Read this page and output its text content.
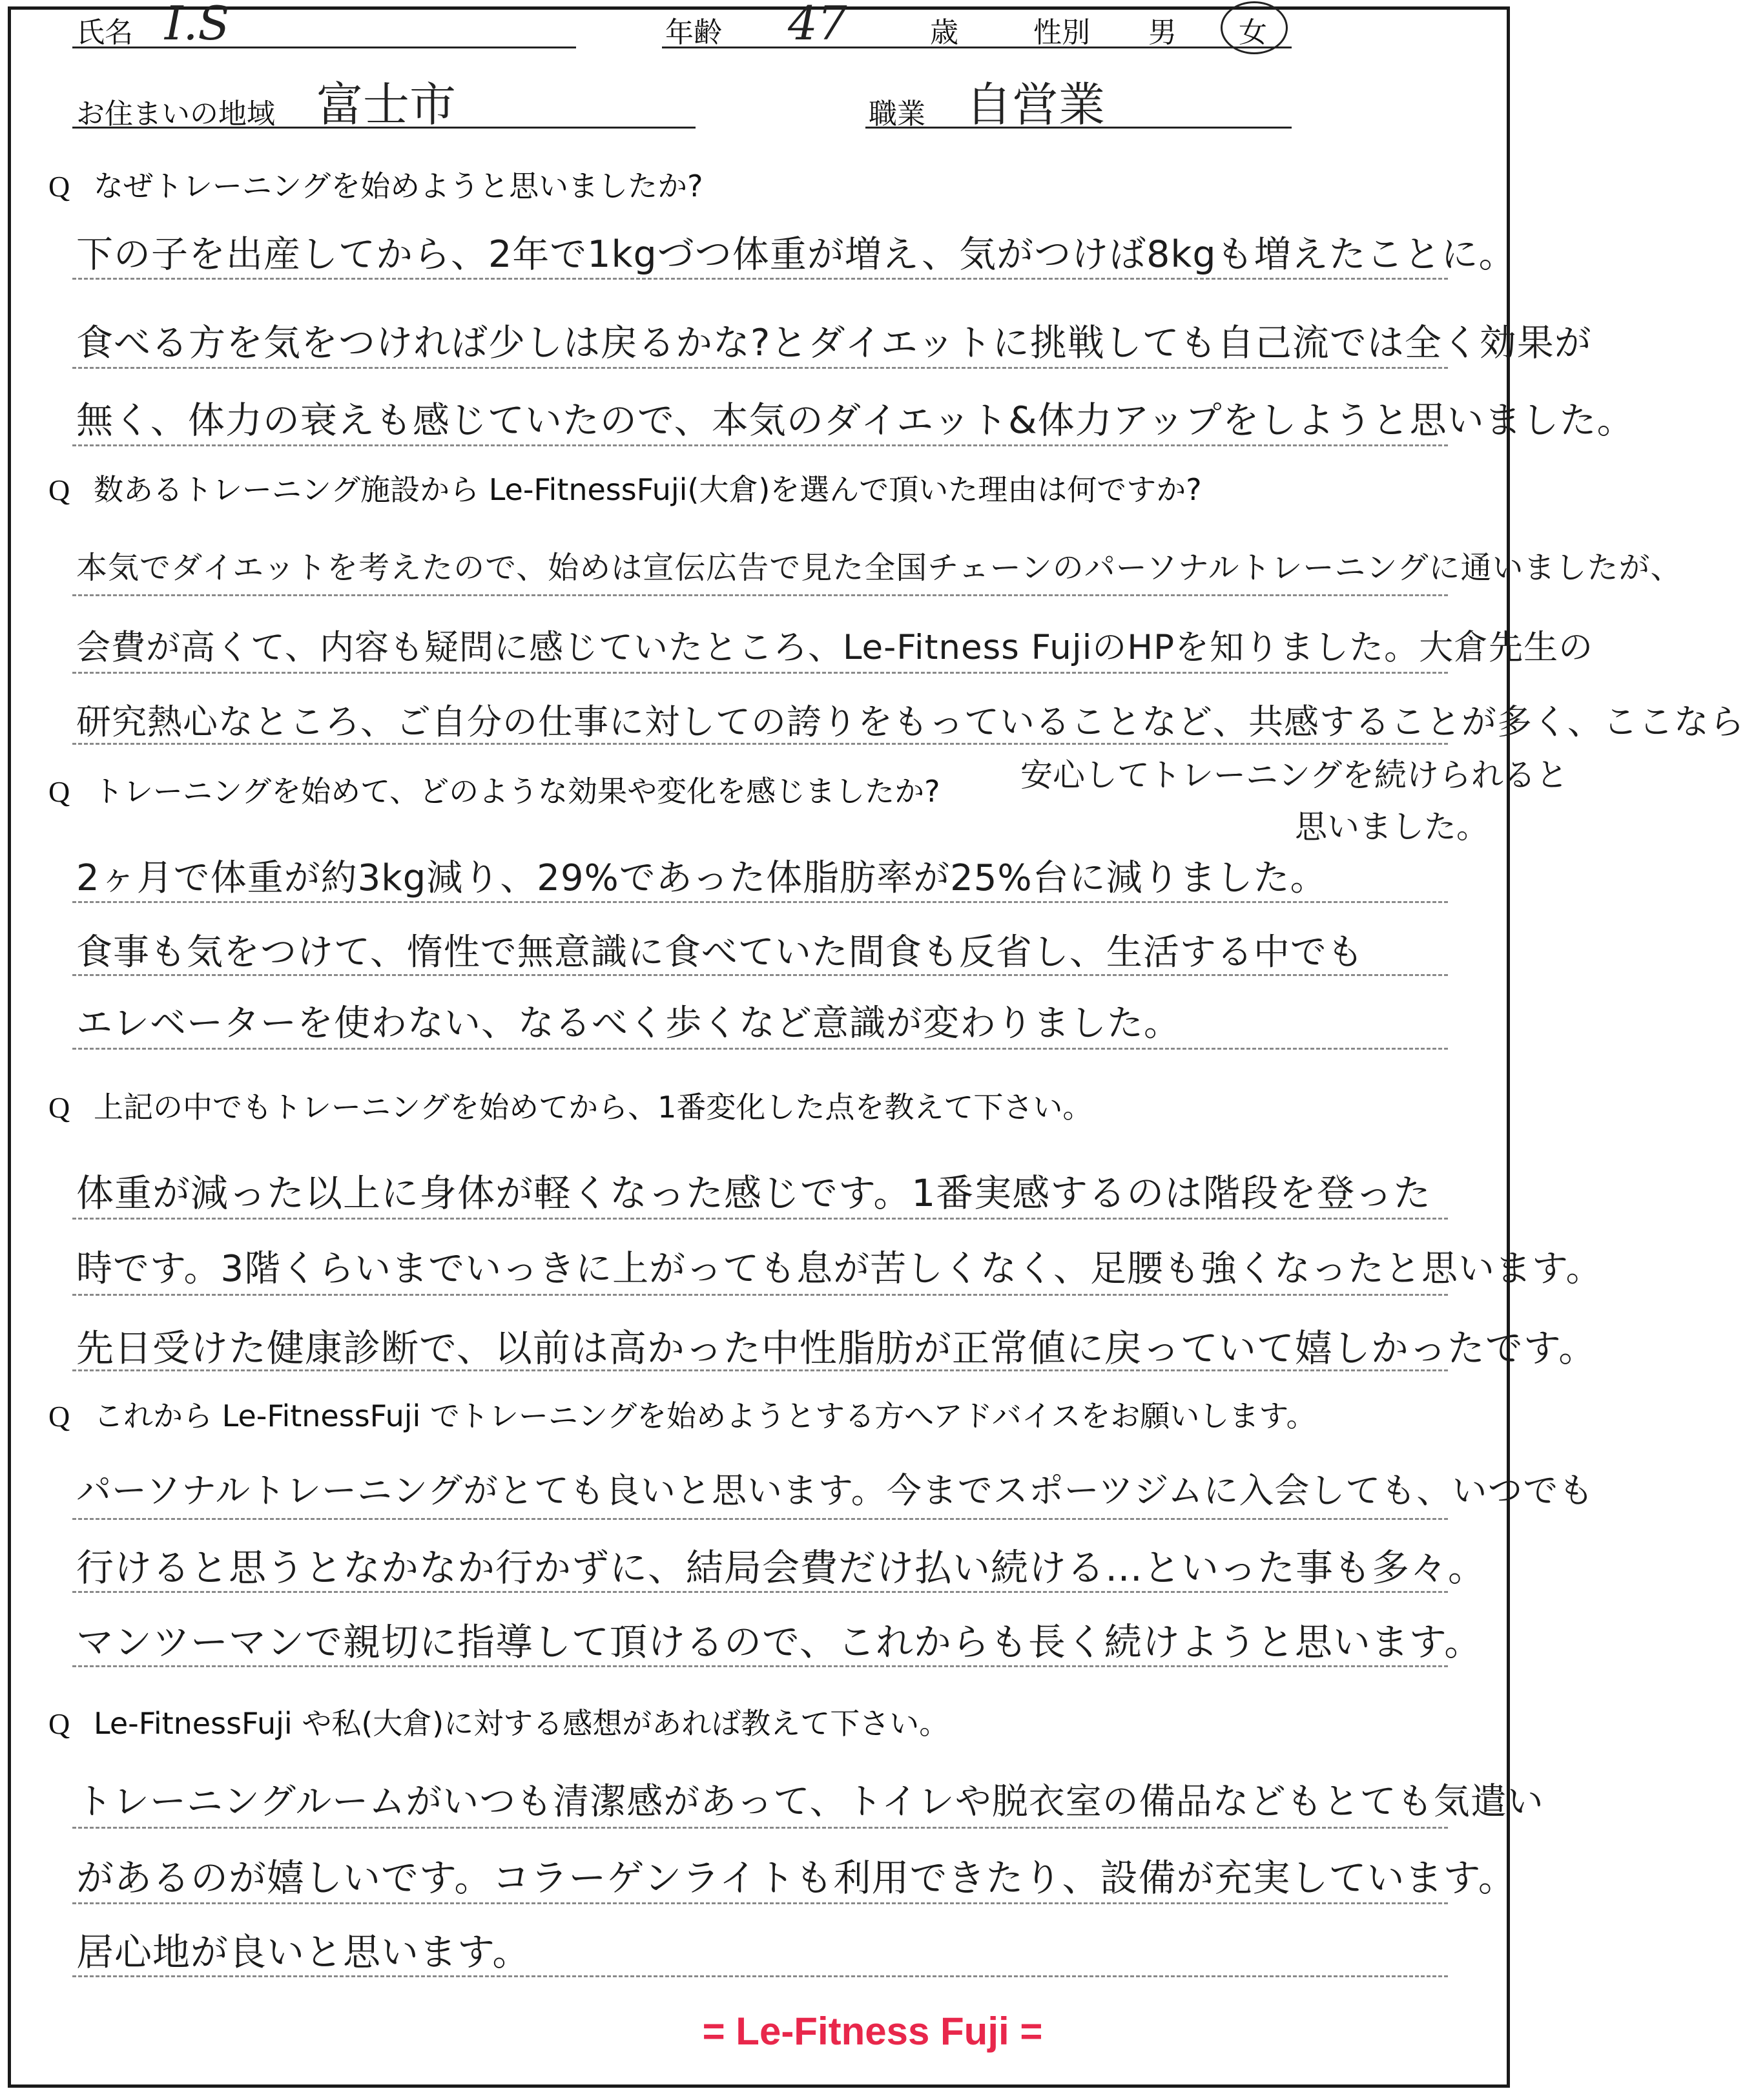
氏名 I.S	年齢 47	歳	性別 男 女
お住まいの地域 富士市	職業 自営業
Q なぜトレーニングを始めようと思いましたか?
下の子を出産してから、2年で1kgづつ体重が増え、気がつけば8kgも増えたことに。
食べる方を気をつければ少しは戻るかな?とダイエットに挑戦しても自己流では全く効果が
無く、体力の衰えも感じていたので、本気のダイエット&体力アップをしようと思いました。
Q 数あるトレーニング施設から Le-FitnessFuji(大倉)を選んで頂いた理由は何ですか?
本気でダイエットを考えたので、始めは宣伝広告で見た全国チェーンのパーソナルトレーニングに通いましたが、
会費が高くて、内容も疑問に感じていたところ、Le-Fitness FujiのHPを知りました。大倉先生の
研究熱心なところ、ご自分の仕事に対しての誇りをもっていることなど、共感することが多く、ここなら
Q トレーニングを始めて、どのような効果や変化を感じましたか? 安心してトレーニングを続けられると
思いました。
2ヶ月で体重が約3kg減り、29%であった体脂肪率が25%台に減りました。
食事も気をつけて、惰性で無意識に食べていた間食も反省し、生活する中でも
エレベーターを使わない、なるべく歩くなど意識が変わりました。
Q 上記の中でもトレーニングを始めてから、1番変化した点を教えて下さい。
体重が減った以上に身体が軽くなった感じです。1番実感するのは階段を登った
時です。3階くらいまでいっきに上がっても息が苦しくなく、足腰も強くなったと思います。
先日受けた健康診断で、以前は高かった中性脂肪が正常値に戻っていて嬉しかったです。
Q これから Le-FitnessFuji でトレーニングを始めようとする方へアドバイスをお願いします。
パーソナルトレーニングがとても良いと思います。今までスポーツジムに入会しても、いつでも
行けると思うとなかなか行かずに、結局会費だけ払い続ける…といった事も多々。
マンツーマンで親切に指導して頂けるので、これからも長く続けようと思います。
Q Le-FitnessFuji や私(大倉)に対する感想があれば教えて下さい。
トレーニングルームがいつも清潔感があって、トイレや脱衣室の備品などもとても気遣い
があるのが嬉しいです。コラーゲンライトも利用できたり、設備が充実しています。
居心地が良いと思います。
= Le-Fitness Fuji =
